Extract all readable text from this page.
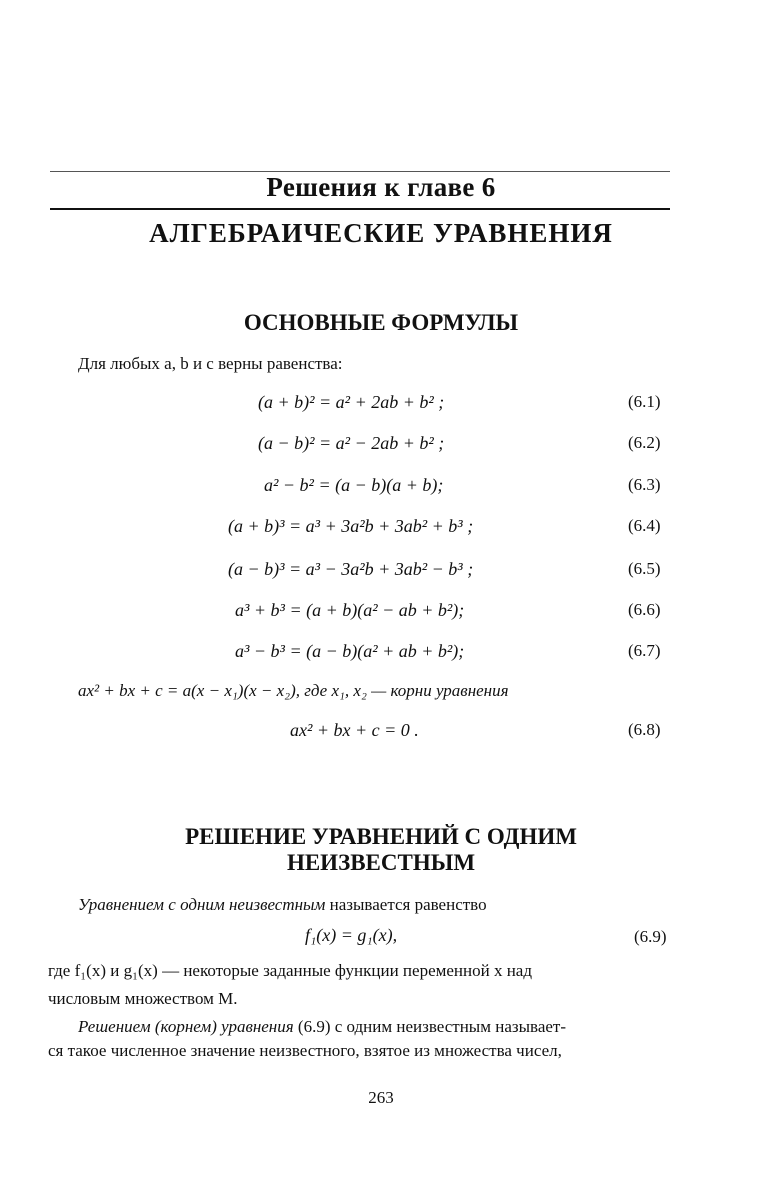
Решения к главе 6
АЛГЕБРАИЧЕСКИЕ УРАВНЕНИЯ
ОСНОВНЫЕ ФОРМУЛЫ
Для любых a, b и c верны равенства:
(a + b)² = a² + 2ab + b² ;	(6.1)
(a − b)² = a² − 2ab + b² ;	(6.2)
a² − b² = (a − b)(a + b);	(6.3)
(a + b)³ = a³ + 3a²b + 3ab² + b³ ;	(6.4)
(a − b)³ = a³ − 3a²b + 3ab² − b³ ;	(6.5)
a³ + b³ = (a + b)(a² − ab + b²);	(6.6)
a³ − b³ = (a − b)(a² + ab + b²);	(6.7)
ax² + bx + c = a(x − x₁)(x − x₂), где x₁, x₂ — корни уравнения
ax² + bx + c = 0 .	(6.8)
РЕШЕНИЕ УРАВНЕНИЙ С ОДНИМ
НЕИЗВЕСТНЫМ
Уравнением с одним неизвестным называется равенство
f₁(x) = g₁(x),	(6.9)
где f₁(x) и g₁(x) — некоторые заданные функции переменной x над
числовым множеством M.
Решением (корнем) уравнения (6.9) с одним неизвестным называет-
ся такое численное значение неизвестного, взятое из множества чисел,
263
